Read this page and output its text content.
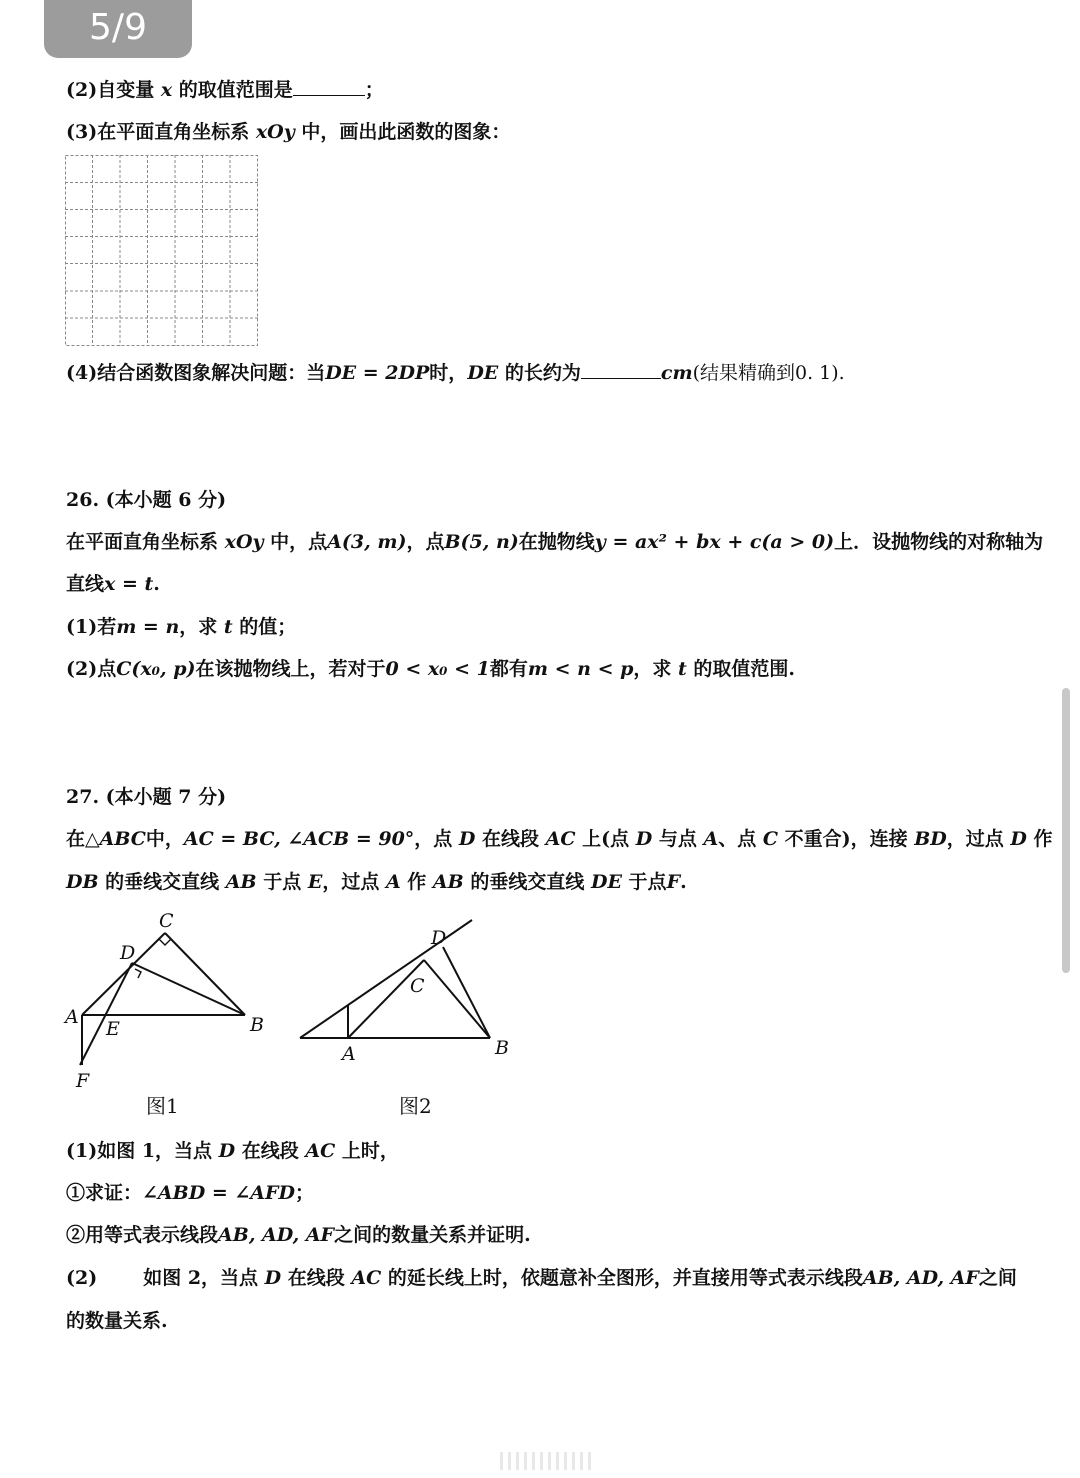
5/9
(2)自变量 x 的取值范围是	；
(3)在平面直角坐标系 xOy 中，画出此函数的图象：
(4)结合函数图象解决问题：当DE = 2DP时，DE 的长约为	cm(结果精确到0. 1).
26. (本小题 6 分)
在平面直角坐标系 xOy 中，点A(3, m)，点B(5, n)在抛物线y = ax² + bx + c(a > 0)上．设抛物线的对称轴为
直线x = t.
(1)若m = n，求 t 的值；
(2)点C(x₀, p)在该抛物线上，若对于0 < x₀ < 1都有m < n < p，求 t 的取值范围.
27. (本小题 7 分)
在△ABC中，AC = BC, ∠ACB = 90°，点 D 在线段 AC 上(点 D 与点 A、点 C 不重合)，连接 BD，过点 D 作
DB 的垂线交直线 AB 于点 E，过点 A 作 AB 的垂线交直线 DE 于点F.
C
D
A
E	B
F
图1
D
C
A	B
图2
(1)如图 1，当点 D 在线段 AC 上时，
①求证：∠ABD = ∠AFD；
②用等式表示线段AB, AD, AF之间的数量关系并证明.
(2) 如图 2，当点 D 在线段 AC 的延长线上时，依题意补全图形，并直接用等式表示线段AB, AD, AF之间
的数量关系.
